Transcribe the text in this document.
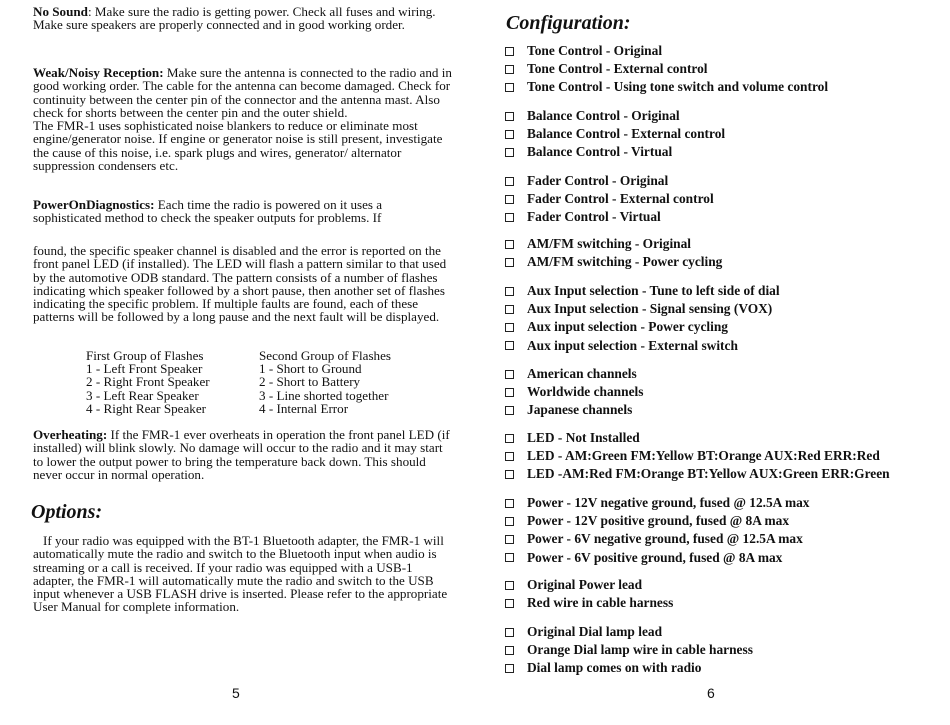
No Sound: Make sure the radio is getting power. Check all fuses and wiring. Make sure speakers are properly connected and in good working order.

Weak/Noisy Reception: Make sure the antenna is connected to the radio and in good working order. The cable for the antenna can become damaged. Check for continuity between the center pin of the connector and the antenna mast. Also check for shorts between the center pin and the outer shield.
The FMR-1 uses sophisticated noise blankers to reduce or eliminate most engine/generator noise. If engine or generator noise is still present, investigate the cause of this noise, i.e. spark plugs and wires, generator/ alternator suppression condensers etc.

PowerOnDiagnostics: Each time the radio is powered on it uses a sophisticated method to check the speaker outputs for problems. If

found, the specific speaker channel is disabled and the error is reported on the front panel LED (if installed). The LED will flash a pattern similar to that used by the automotive ODB standard. The pattern consists of a number of flashes indicating which speaker followed by a short pause, then another set of flashes indicating the specific problem. If multiple faults are found, each of these patterns will be followed by a long pause and the next fault will be displayed.

First Group of Flashes
1 - Left Front Speaker
2 - Right Front Speaker
3 - Left Rear Speaker
4 - Right Rear Speaker
Second Group of Flashes
1 - Short to Ground
2 - Short to Battery
3 - Line shorted together
4 - Internal Error

Overheating: If the FMR-1 ever overheats in operation the front panel LED (if installed) will blink slowly. No damage will occur to the radio and it may start to lower the output power to bring the temperature back down. This should never occur in normal operation.

Options:

If your radio was equipped with the BT-1 Bluetooth adapter, the FMR-1 will automatically mute the radio and switch to the Bluetooth input when audio is streaming or a call is received. If your radio was equipped with a USB-1 adapter, the FMR-1 will automatically mute the radio and switch to the USB input whenever a USB FLASH drive is inserted. Please refer to the appropriate User Manual for complete information.

5
Configuration:
Tone Control - Original
Tone Control - External control
Tone Control - Using tone switch and volume control
Balance Control - Original
Balance Control - External control
Balance Control - Virtual
Fader Control - Original
Fader Control - External control
Fader Control - Virtual
AM/FM switching - Original
AM/FM switching - Power cycling
Aux Input selection - Tune to left side of dial
Aux Input selection - Signal sensing (VOX)
Aux input selection - Power cycling
Aux input selection - External switch
American channels
Worldwide channels
Japanese channels
LED - Not Installed
LED - AM:Green FM:Yellow BT:Orange AUX:Red ERR:Red
LED -AM:Red FM:Orange BT:Yellow AUX:Green ERR:Green
Power - 12V negative ground, fused @ 12.5A max
Power - 12V positive ground, fused @ 8A max
Power - 6V negative ground, fused @ 12.5A max
Power - 6V positive ground, fused @ 8A max
Original Power lead
Red wire in cable harness
Original Dial lamp lead
Orange Dial lamp wire in cable harness
Dial lamp comes on with radio
6
